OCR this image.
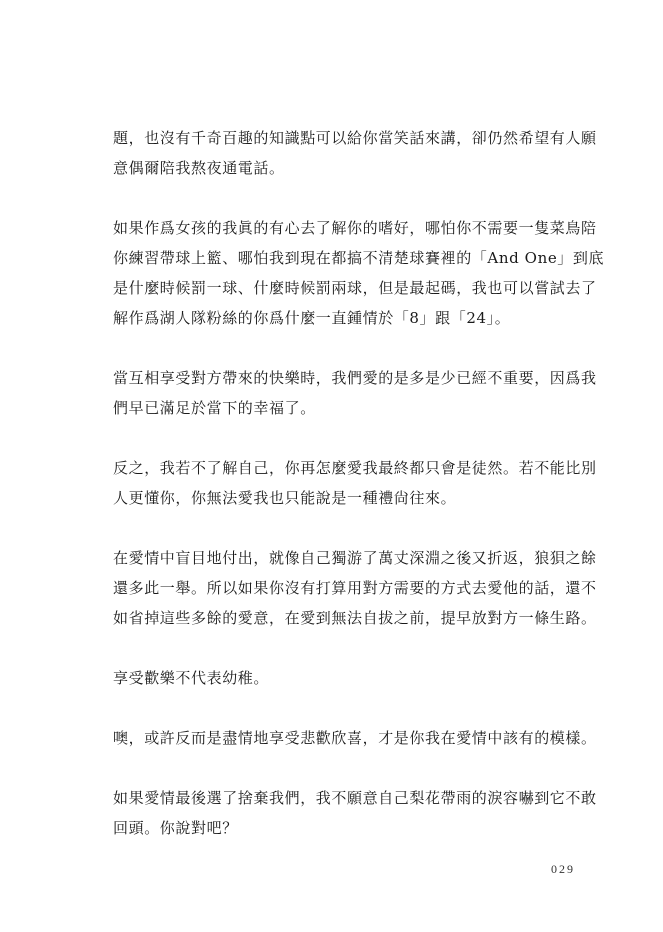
題，也沒有千奇百趣的知識點可以給你當笑話來講，卻仍然希望有人願
意偶爾陪我熬夜通電話。

如果作爲女孩的我眞的有心去了解你的嗜好，哪怕你不需要一隻菜鳥陪
你練習帶球上籃、哪怕我到現在都搞不清楚球賽裡的「And One」到底
是什麼時候罰一球、什麼時候罰兩球，但是最起碼，我也可以嘗試去了
解作爲湖人隊粉絲的你爲什麼一直鍾情於「8」跟「24」。

當互相享受對方帶來的快樂時，我們愛的是多是少已經不重要，因爲我
們早已滿足於當下的幸福了。

反之，我若不了解自己，你再怎麼愛我最終都只會是徒然。若不能比別
人更懂你，你無法愛我也只能說是一種禮尙往來。

在愛情中盲目地付出，就像自己獨游了萬丈深淵之後又折返，狼狽之餘
還多此一舉。所以如果你沒有打算用對方需要的方式去愛他的話，還不
如省掉這些多餘的愛意，在愛到無法自拔之前，提早放對方一條生路。

享受歡樂不代表幼稚。

噢，或許反而是盡情地享受悲歡欣喜，才是你我在愛情中該有的模樣。

如果愛情最後選了捨棄我們，我不願意自己梨花帶雨的淚容嚇到它不敢
回頭。你說對吧？

029
